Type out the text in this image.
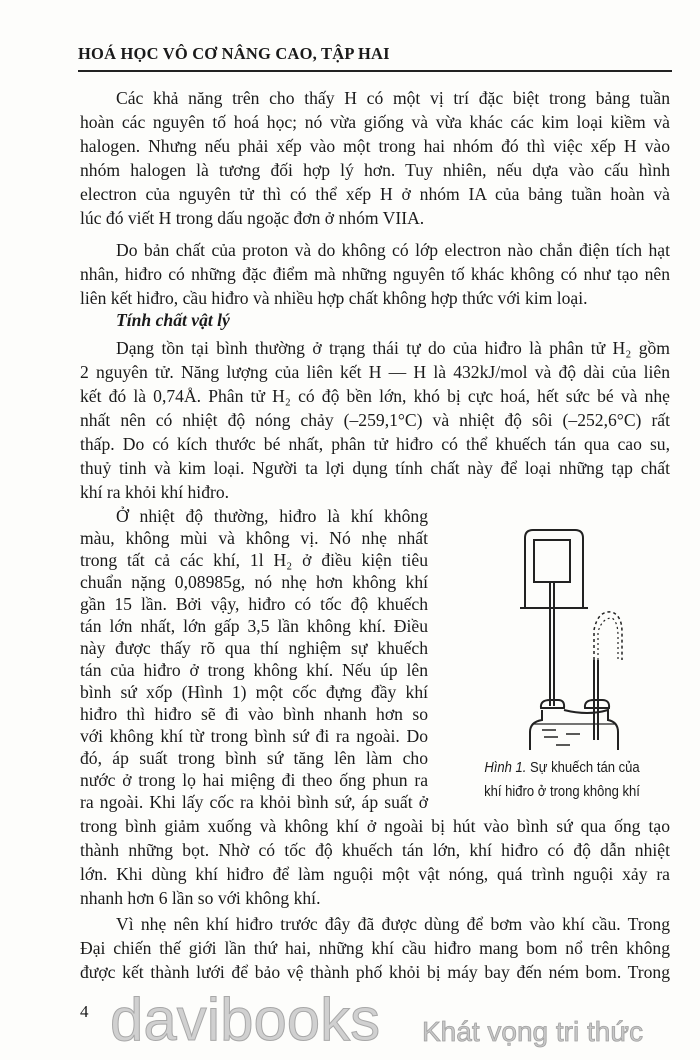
HOÁ HỌC VÔ CƠ NÂNG CAO, TẬP HAI
Các khả năng trên cho thấy H có một vị trí đặc biệt trong bảng tuần
hoàn các nguyên tố hoá học; nó vừa giống và vừa khác các kim loại kiềm và
halogen. Nhưng nếu phải xếp vào một trong hai nhóm đó thì việc xếp H vào
nhóm halogen là tương đối hợp lý hơn. Tuy nhiên, nếu dựa vào cấu hình
electron của nguyên tử thì có thể xếp H ở nhóm IA của bảng tuần hoàn và
lúc đó viết H trong dấu ngoặc đơn ở nhóm VIIA.
Do bản chất của proton và do không có lớp electron nào chắn điện tích hạt
nhân, hiđro có những đặc điểm mà những nguyên tố khác không có như tạo nên
liên kết hiđro, cầu hiđro và nhiều hợp chất không hợp thức với kim loại.
Tính chất vật lý
Dạng tồn tại bình thường ở trạng thái tự do của hiđro là phân tử H₂ gồm
2 nguyên tử. Năng lượng của liên kết H — H là 432kJ/mol và độ dài của liên
kết đó là 0,74Å. Phân tử H₂ có độ bền lớn, khó bị cực hoá, hết sức bé và nhẹ
nhất nên có nhiệt độ nóng chảy (–259,1°C) và nhiệt độ sôi (–252,6°C) rất
thấp. Do có kích thước bé nhất, phân tử hiđro có thể khuếch tán qua cao su,
thuỷ tinh và kim loại. Người ta lợi dụng tính chất này để loại những tạp chất
khí ra khỏi khí hiđro.
Ở nhiệt độ thường, hiđro là khí không
màu, không mùi và không vị. Nó nhẹ nhất
trong tất cả các khí, 1l H₂ ở điều kiện tiêu
chuẩn nặng 0,08985g, nó nhẹ hơn không khí
gần 15 lần. Bởi vậy, hiđro có tốc độ khuếch
tán lớn nhất, lớn gấp 3,5 lần không khí. Điều
này được thấy rõ qua thí nghiệm sự khuếch
tán của hiđro ở trong không khí. Nếu úp lên
bình sứ xốp (Hình 1) một cốc đựng đầy khí
hiđro thì hiđro sẽ đi vào bình nhanh hơn so
với không khí từ trong bình sứ đi ra ngoài. Do
đó, áp suất trong bình sứ tăng lên làm cho
nước ở trong lọ hai miệng đi theo ống phun ra
ra ngoài. Khi lấy cốc ra khỏi bình sứ, áp suất ở
trong bình giảm xuống và không khí ở ngoài bị hút vào bình sứ qua ống tạo
thành những bọt. Nhờ có tốc độ khuếch tán lớn, khí hiđro có độ dẫn nhiệt
lớn. Khi dùng khí hiđro để làm nguội một vật nóng, quá trình nguội xảy ra
nhanh hơn 6 lần so với không khí.
Vì nhẹ nên khí hiđro trước đây đã được dùng để bơm vào khí cầu. Trong
Đại chiến thế giới lần thứ hai, những khí cầu hiđro mang bom nổ trên không
được kết thành lưới để bảo vệ thành phố khỏi bị máy bay đến ném bom. Trong
Hình 1. Sự khuếch tán của
khí hiđro ở trong không khí
davibooks Khát vọng tri thức
4
